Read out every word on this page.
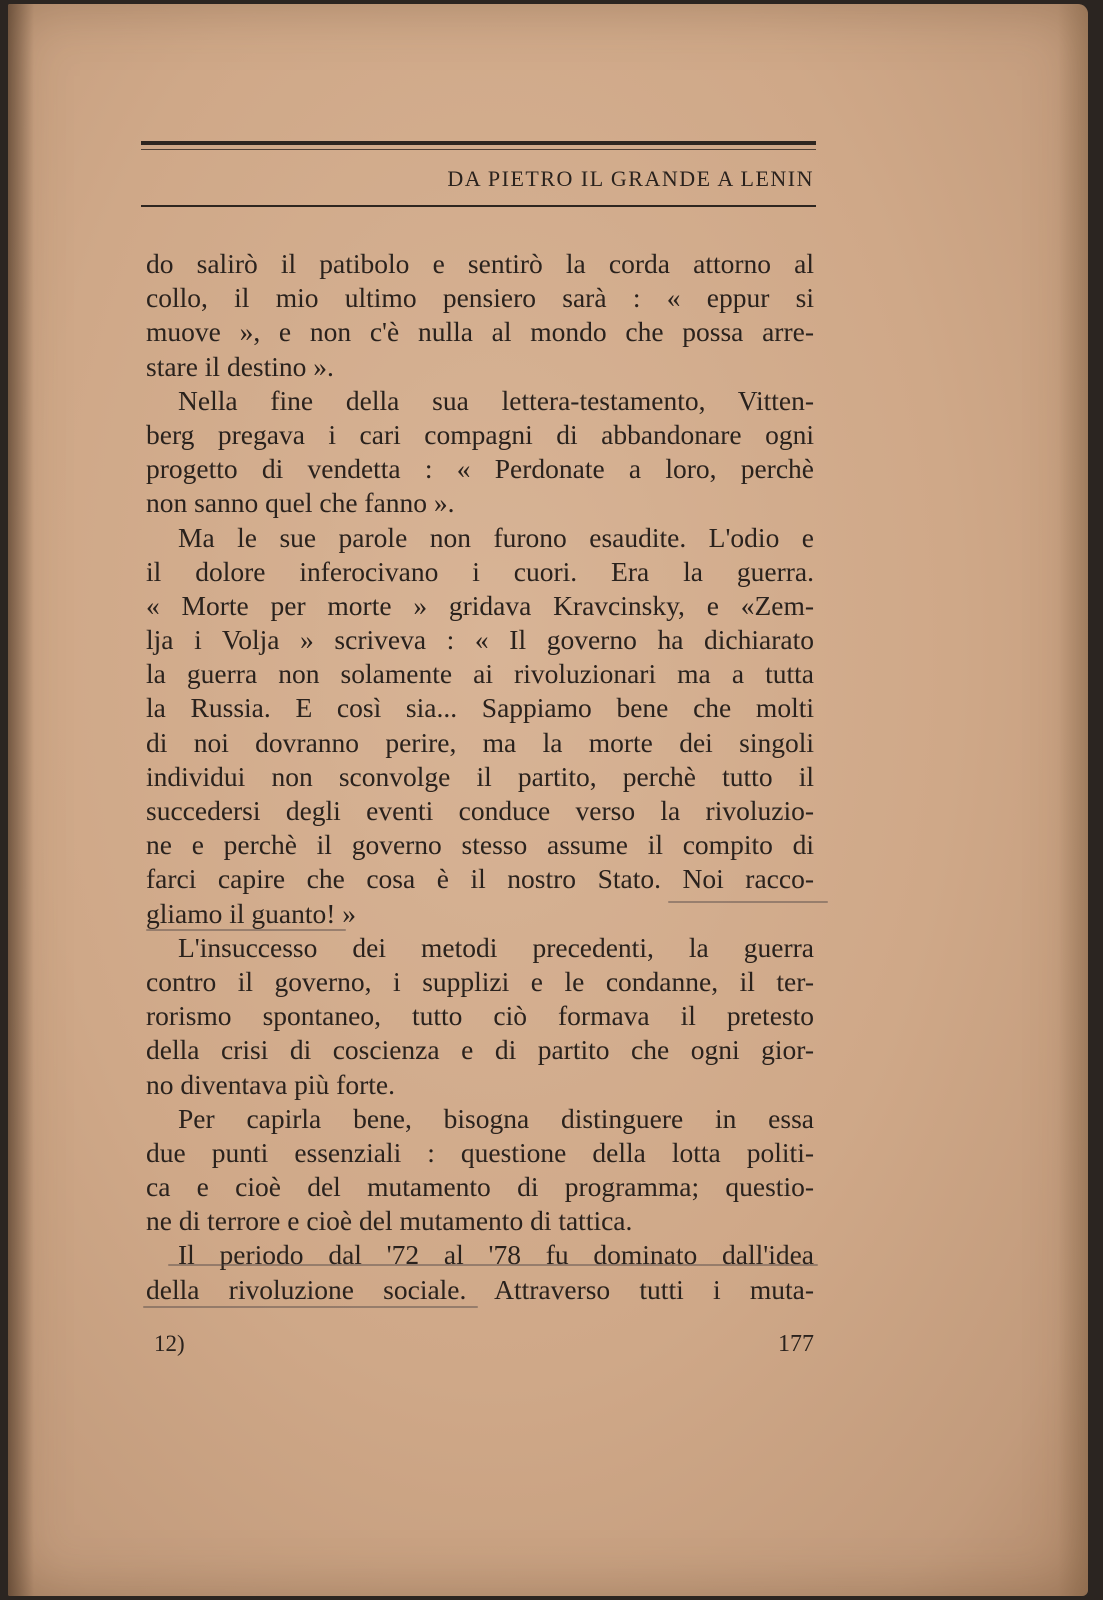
DA PIETRO IL GRANDE A LENIN
do salirò il patibolo e sentirò la corda attorno al
collo, il mio ultimo pensiero sarà : « eppur si
muove », e non c'è nulla al mondo che possa arre-
stare il destino ».
Nella fine della sua lettera-testamento, Vitten-
berg pregava i cari compagni di abbandonare ogni
progetto di vendetta : « Perdonate a loro, perchè
non sanno quel che fanno ».
Ma le sue parole non furono esaudite. L'odio e
il dolore inferocivano i cuori. Era la guerra.
« Morte per morte » gridava Kravcinsky, e «Zem-
lja i Volja » scriveva : « Il governo ha dichiarato
la guerra non solamente ai rivoluzionari ma a tutta
la Russia. E così sia... Sappiamo bene che molti
di noi dovranno perire, ma la morte dei singoli
individui non sconvolge il partito, perchè tutto il
succedersi degli eventi conduce verso la rivoluzio-
ne e perchè il governo stesso assume il compito di
farci capire che cosa è il nostro Stato. Noi racco-
gliamo il guanto! »
L'insuccesso dei metodi precedenti, la guerra
contro il governo, i supplizi e le condanne, il ter-
rorismo spontaneo, tutto ciò formava il pretesto
della crisi di coscienza e di partito che ogni gior-
no diventava più forte.
Per capirla bene, bisogna distinguere in essa
due punti essenziali : questione della lotta politi-
ca e cioè del mutamento di programma; questio-
ne di terrore e cioè del mutamento di tattica.
Il periodo dal '72 al '78 fu dominato dall'idea
della rivoluzione sociale. Attraverso tutti i muta-
12)	177
